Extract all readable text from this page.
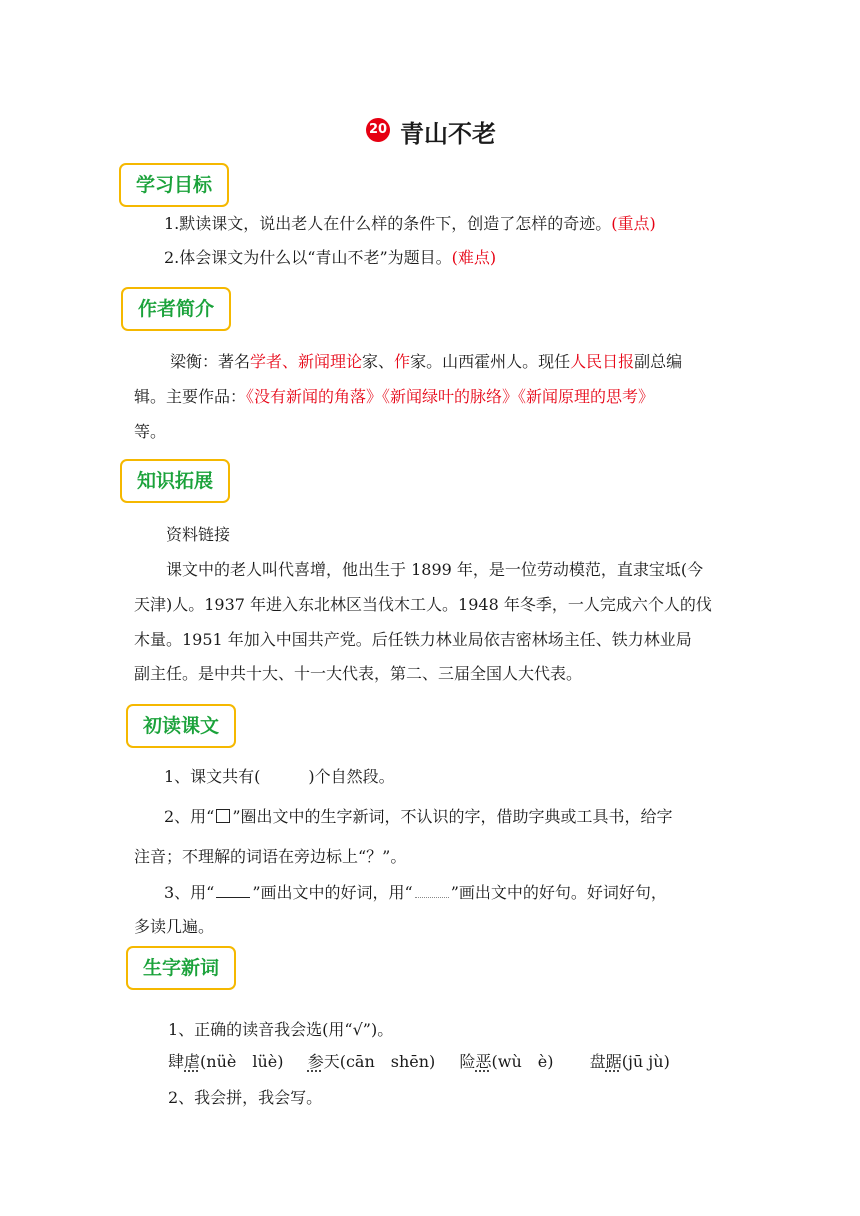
20 青山不老
学习目标
1.默读课文，说出老人在什么样的条件下，创造了怎样的奇迹。(重点)
2.体会课文为什么以“青山不老”为题目。(难点)
作者简介
梁衡：著名学者、新闻理论家、作家。山西霍州人。现任人民日报副总编
辑。主要作品：《没有新闻的角落》《新闻绿叶的脉络》《新闻原理的思考》
等。
知识拓展
资料链接
课文中的老人叫代喜增，他出生于 1899 年，是一位劳动模范，直隶宝坻(今
天津)人。1937 年进入东北林区当伐木工人。1948 年冬季，一人完成六个人的伐
木量。1951 年加入中国共产党。后任铁力林业局依吉密林场主任、铁力林业局
副主任。是中共十大、十一大代表，第二、三届全国人大代表。
初读课文
1、课文共有(　　　)个自然段。
2、用“ ”圈出文中的生字新词，不认识的字，借助字典或工具书，给字
注音；不理解的词语在旁边标上“？”。
3、用“ ”画出文中的好词，用“ ”画出文中的好句。好词好句，
多读几遍。
生字新词
1、正确的读音我会选(用“√”)。
肆虐(nüè　lüè) 参天(cān　shēn) 险恶(wù　è) 盘踞(jū jù)
2、我会拼，我会写。
